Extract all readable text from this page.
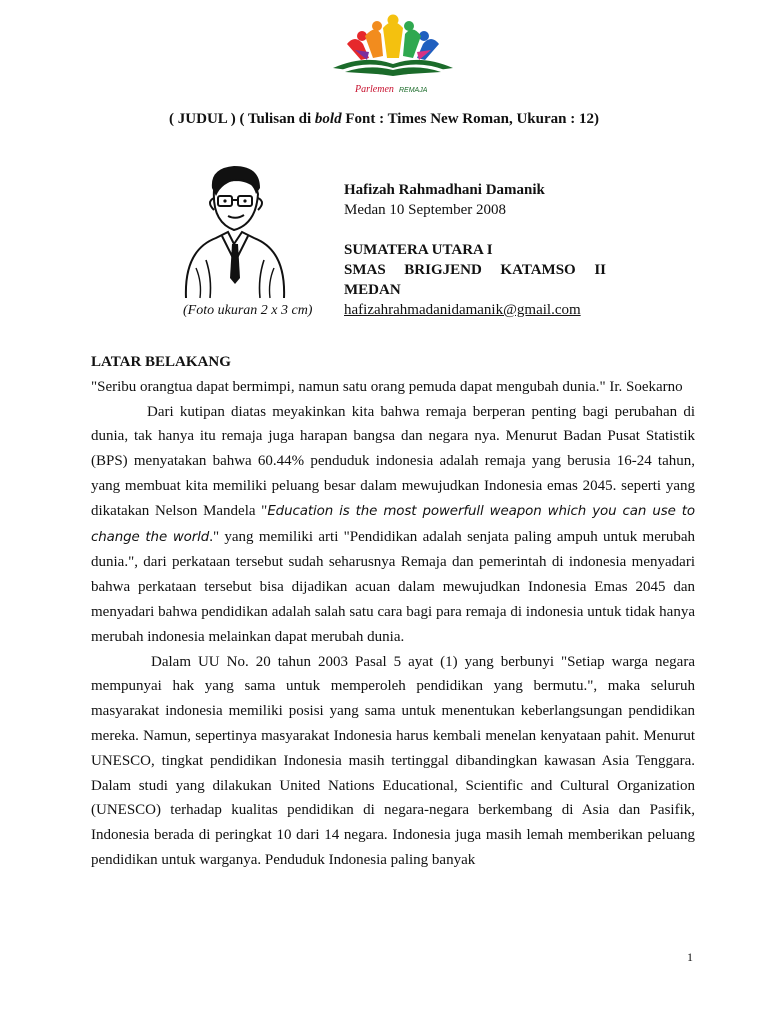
Parlemen REMAJA
( JUDUL ) ( Tulisan di bold Font : Times New Roman, Ukuran : 12)
(Foto ukuran 2 x 3 cm)
Hafizah Rahmadhani Damanik
Medan 10 September 2008
SUMATERA UTARA I
SMAS BRIGJEND KATAMSO II MEDAN
hafizahrahmadanidamanik@gmail.com
LATAR BELAKANG
"Seribu orangtua dapat bermimpi, namun satu orang pemuda dapat mengubah dunia." Ir. Soekarno
Dari kutipan diatas meyakinkan kita bahwa remaja berperan penting bagi perubahan di dunia, tak hanya itu remaja juga harapan bangsa dan negara nya. Menurut Badan Pusat Statistik (BPS) menyatakan bahwa 60.44% penduduk indonesia adalah remaja yang berusia 16-24 tahun, yang membuat kita memiliki peluang besar dalam mewujudkan Indonesia emas 2045. seperti yang dikatakan Nelson Mandela "Education is the most powerfull weapon which you can use to change the world." yang memiliki arti "Pendidikan adalah senjata paling ampuh untuk merubah dunia.", dari perkataan tersebut sudah seharusnya Remaja dan pemerintah di indonesia menyadari bahwa perkataan tersebut bisa dijadikan acuan dalam mewujudkan Indonesia Emas 2045 dan menyadari bahwa pendidikan adalah salah satu cara bagi para remaja di indonesia untuk tidak hanya merubah indonesia melainkan dapat merubah dunia.
Dalam UU No. 20 tahun 2003 Pasal 5 ayat (1) yang berbunyi "Setiap warga negara mempunyai hak yang sama untuk memperoleh pendidikan yang bermutu.", maka seluruh masyarakat indonesia memiliki posisi yang sama untuk menentukan keberlangsungan pendidikan mereka. Namun, sepertinya masyarakat Indonesia harus kembali menelan kenyataan pahit. Menurut UNESCO, tingkat pendidikan Indonesia masih tertinggal dibandingkan kawasan Asia Tenggara. Dalam studi yang dilakukan United Nations Educational, Scientific and Cultural Organization (UNESCO) terhadap kualitas pendidikan di negara-negara berkembang di Asia dan Pasifik, Indonesia berada di peringkat 10 dari 14 negara. Indonesia juga masih lemah memberikan peluang pendidikan untuk warganya. Penduduk Indonesia paling banyak
1
